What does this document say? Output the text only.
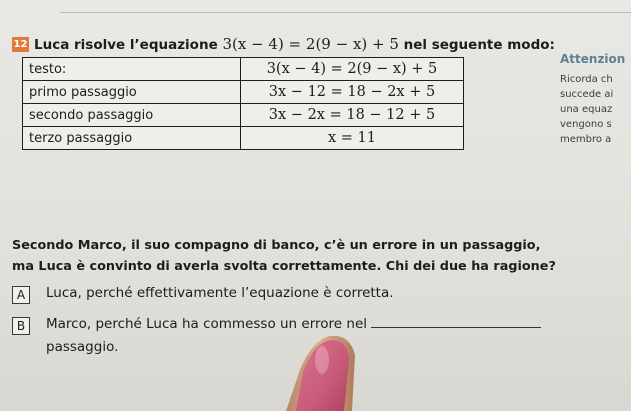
12 Luca risolve l’equazione 3(x − 4) = 2(9 − x) + 5 nel seguente modo:
testo:	3(x − 4) = 2(9 − x) + 5
primo passaggio	3x − 12 = 18 − 2x + 5
secondo passaggio	3x − 2x = 18 − 12 + 5
terzo passaggio	x = 11
Attenzion
Ricorda ch
succede ai
una equaz
vengono s
membro a
Secondo Marco, il suo compagno di banco, c’è un errore in un passaggio,
ma Luca è convinto di averla svolta correttamente. Chi dei due ha ragione?
A	Luca, perché effettivamente l’equazione è corretta.
B	Marco, perché Luca ha commesso un errore nel
passaggio.
